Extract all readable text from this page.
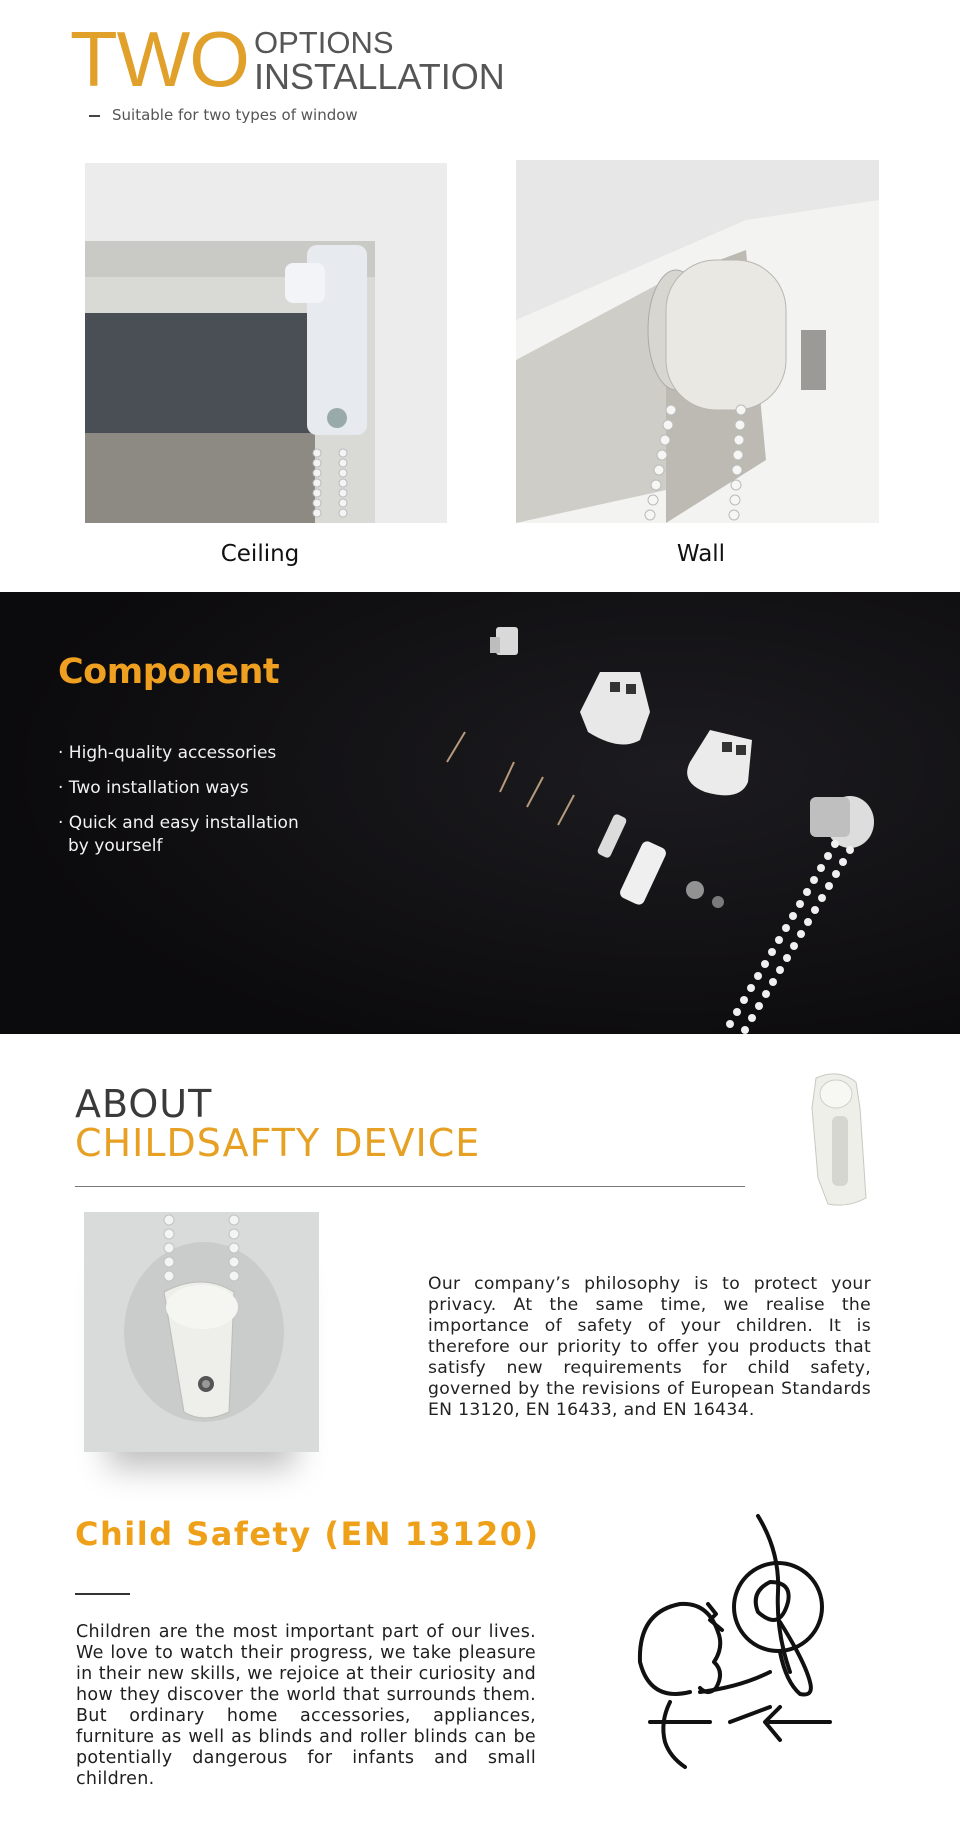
TWO OPTIONS
INSTALLATION
Suitable for two types of window
Ceiling	Wall
Component
· High-quality accessories
· Two installation ways
· Quick and easy installation
by yourself
ABOUT
CHILDSAFTY DEVICE
Our company’s philosophy is to protect your privacy. At the same time, we realise the importance of safety of your children. It is therefore our priority to offer you products that satisfy new requirements for child safety, governed by the revisions of European Standards EN 13120, EN 16433, and EN 16434.
Child Safety (EN 13120)
Children are the most important part of our lives. We love to watch their progress, we take pleasure in their new skills, we rejoice at their curiosity and how they discover the world that surrounds them. But ordinary home accessories, appliances, furniture as well as blinds and roller blinds can be potentially dangerous for infants and small children.
